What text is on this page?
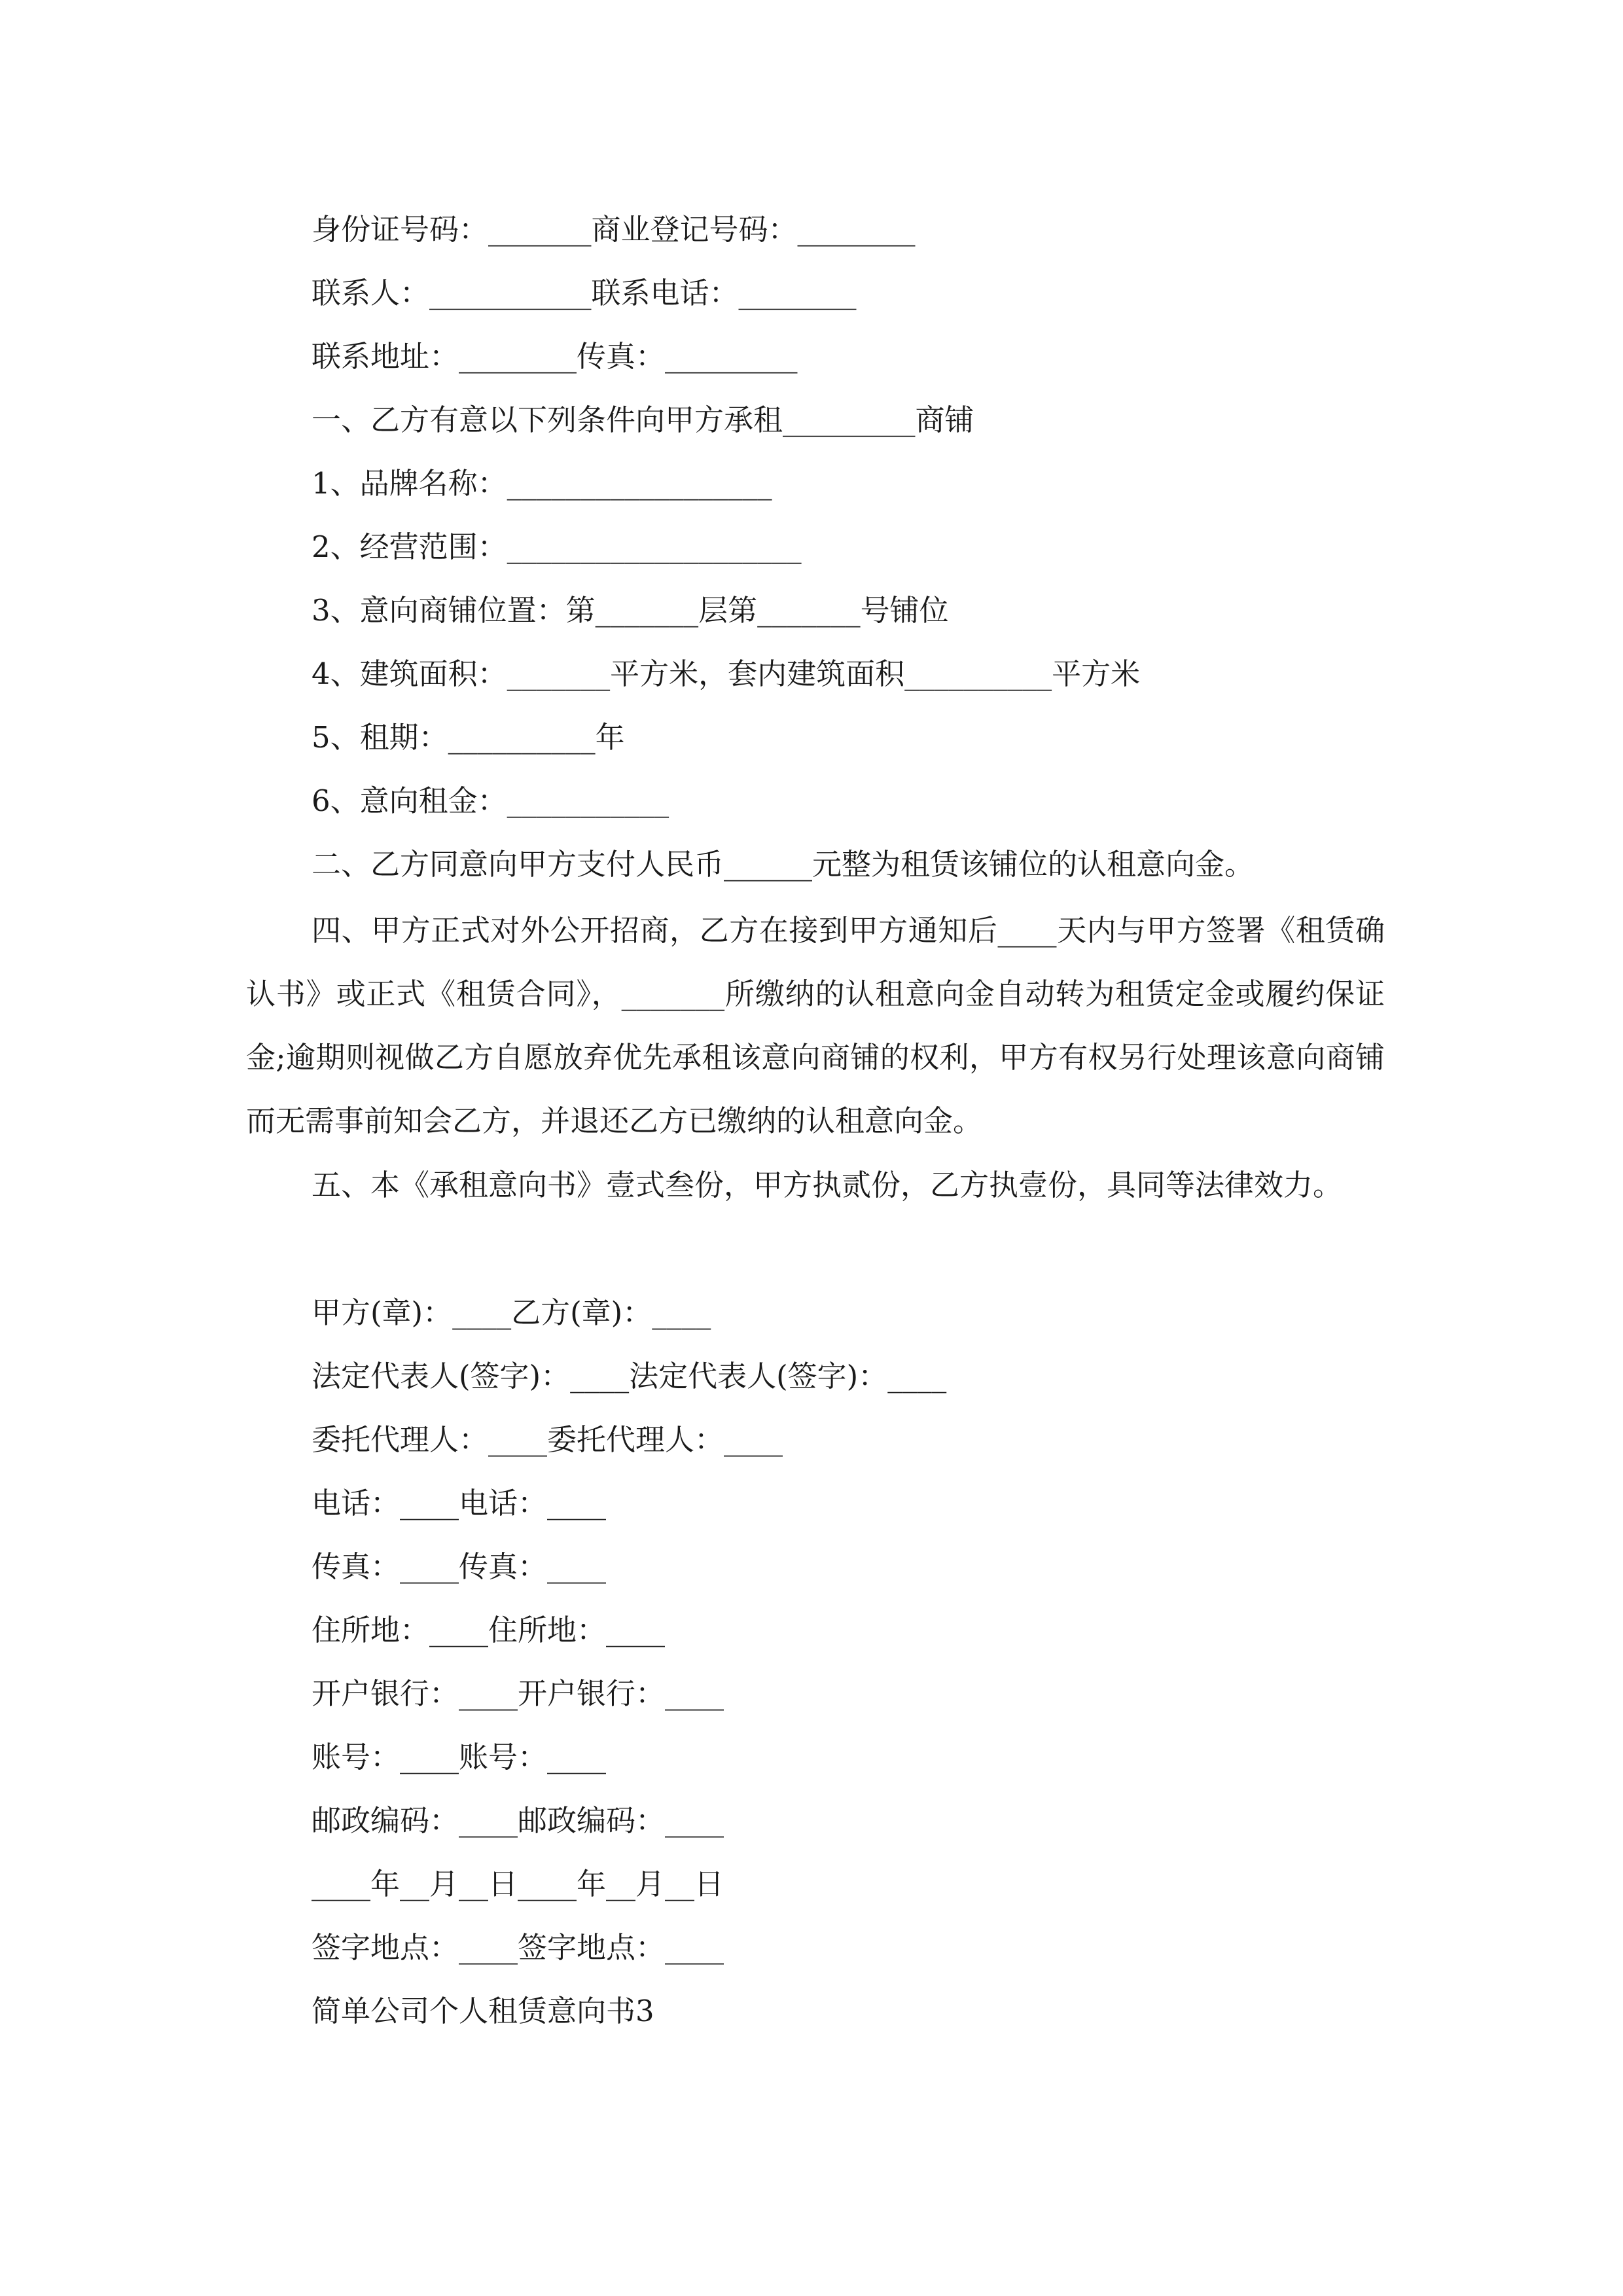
身份证号码：_______商业登记号码：________
联系人：___________联系电话：________
联系地址：________传真：_________
一、乙方有意以下列条件向甲方承租_________商铺
1、品牌名称：__________________
2、经营范围：____________________
3、意向商铺位置：第_______层第_______号铺位
4、建筑面积：_______平方米，套内建筑面积__________平方米
5、租期：__________年
6、意向租金：___________
二、乙方同意向甲方支付人民币______元整为租赁该铺位的认租意向金。
四、甲方正式对外公开招商，乙方在接到甲方通知后____天内与甲方签署《租赁确认书》或正式《租赁合同》，_______所缴纳的认租意向金自动转为租赁定金或履约保证金;逾期则视做乙方自愿放弃优先承租该意向商铺的权利，甲方有权另行处理该意向商铺而无需事前知会乙方，并退还乙方已缴纳的认租意向金。
五、本《承租意向书》壹式叁份，甲方执贰份，乙方执壹份，具同等法律效力。
甲方(章)：____乙方(章)：____
法定代表人(签字)：____法定代表人(签字)：____
委托代理人：____委托代理人：____
电话：____电话：____
传真：____传真：____
住所地：____住所地：____
开户银行：____开户银行：____
账号：____账号：____
邮政编码：____邮政编码：____
____年__月__日____年__月__日
签字地点：____签字地点：____
简单公司个人租赁意向书3
